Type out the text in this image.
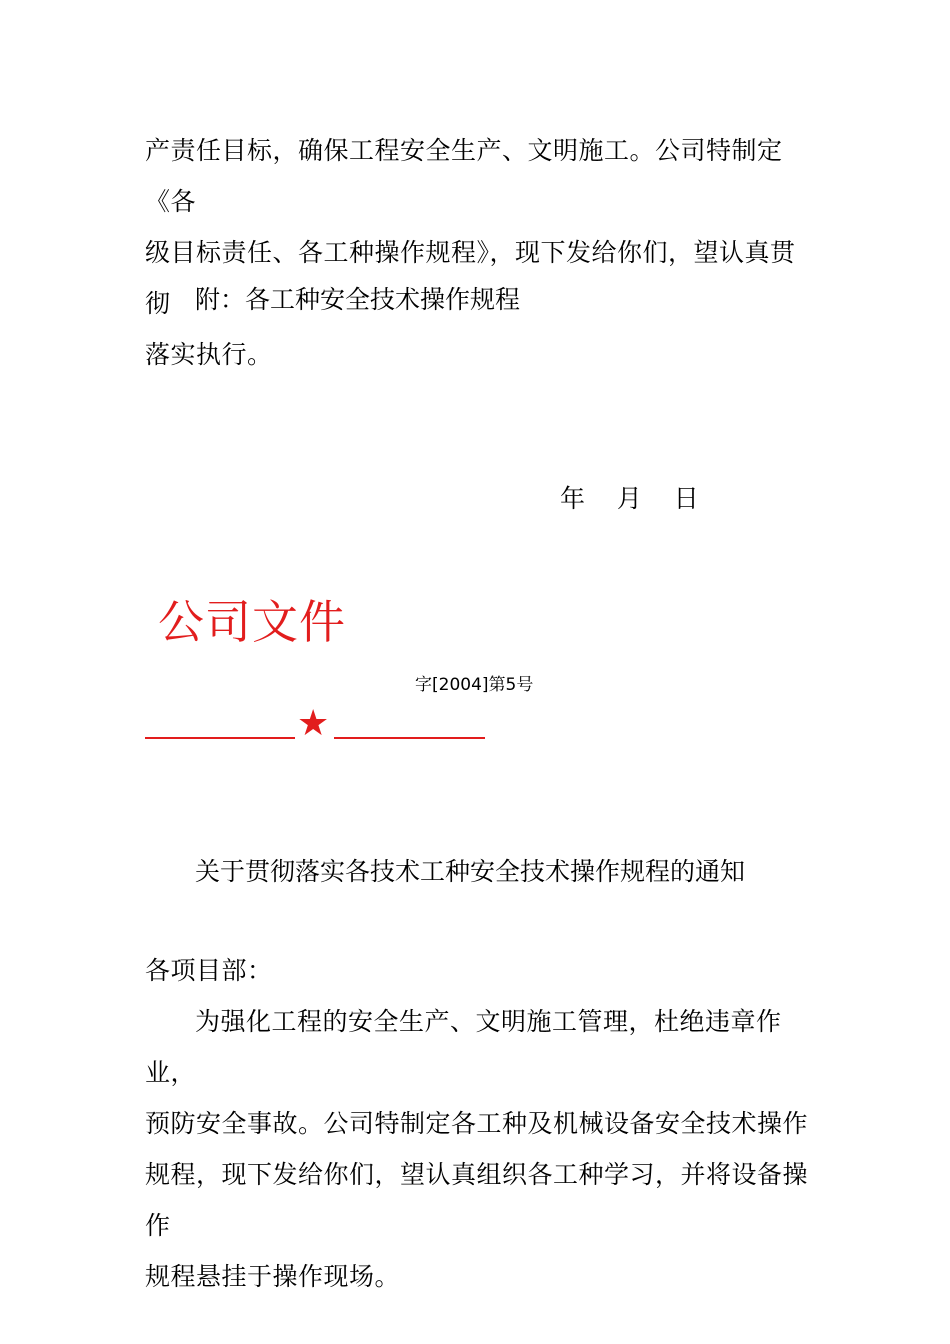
产责任目标，确保工程安全生产、文明施工。公司特制定《各

级目标责任、各工种操作规程》，现下发给你们，望认真贯彻

落实执行。

附：各工种安全技术操作规程
年  月  日
公司文件
字[2004]第5号
★
关于贯彻落实各技术工种安全技术操作规程的通知

各项目部：

为强化工程的安全生产、文明施工管理，杜绝违章作业，

预防安全事故。公司特制定各工种及机械设备安全技术操作

规程，现下发给你们，望认真组织各工种学习，并将设备操作

规程悬挂于操作现场。
